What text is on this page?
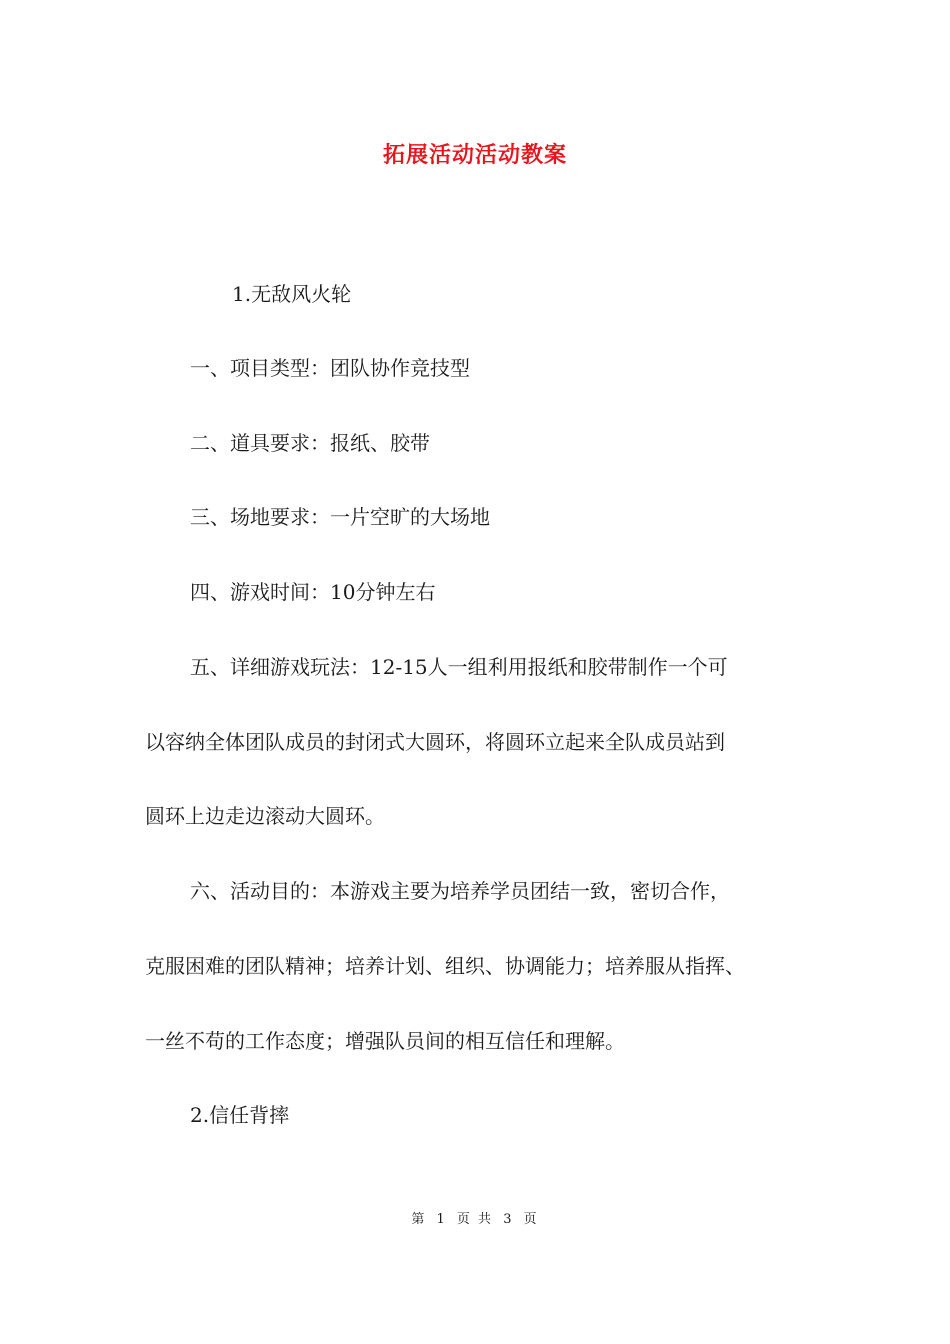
拓展活动活动教案
1.无敌风火轮
一、项目类型：团队协作竞技型
二、道具要求：报纸、胶带
三、场地要求：一片空旷的大场地
四、游戏时间：10分钟左右
五、详细游戏玩法：12-15人一组利用报纸和胶带制作一个可
以容纳全体团队成员的封闭式大圆环，将圆环立起来全队成员站到
圆环上边走边滚动大圆环。
六、活动目的：本游戏主要为培养学员团结一致，密切合作，
克服困难的团队精神；培养计划、组织、协调能力；培养服从指挥、
一丝不苟的工作态度；增强队员间的相互信任和理解。
2.信任背摔
第 1 页 共 3 页
